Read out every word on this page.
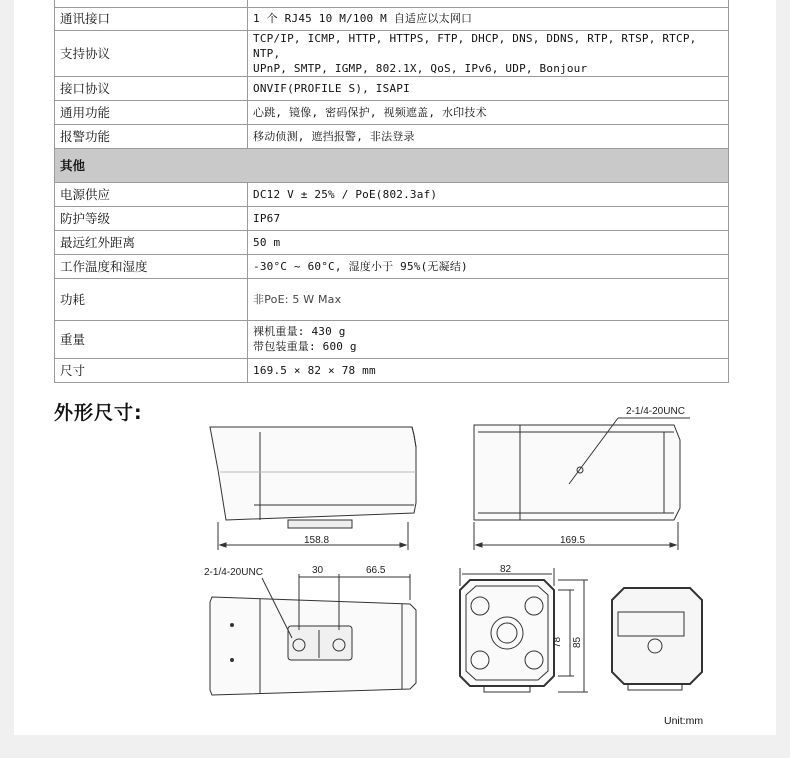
通讯接口	1 个 RJ45 10 M/100 M 自适应以太网口

支持协议	TCP/IP, ICMP, HTTP, HTTPS, FTP, DHCP, DNS, DDNS, RTP, RTSP, RTCP, NTP,
UPnP, SMTP, IGMP, 802.1X, QoS, IPv6, UDP, Bonjour

接口协议	ONVIF(PROFILE S), ISAPI

通用功能	心跳, 镜像, 密码保护, 视频遮盖, 水印技术

报警功能	移动侦测, 遮挡报警, 非法登录

其他	
电源供应	DC12 V ± 25% / PoE(802.3af)

防护等级	IP67

最远红外距离	50 m

工作温度和湿度	-30°C ~ 60°C, 湿度小于 95%(无凝结)

功耗	非PoE: 5 W Max

重量	裸机重量: 430 g
带包装重量: 600 g

尺寸	169.5 × 82 × 78 mm
外形尺寸:
158.8	169.5
2-1/4-20UNC
2-1/4-20UNC	30	66.5	82
78 85
Unit:mm
